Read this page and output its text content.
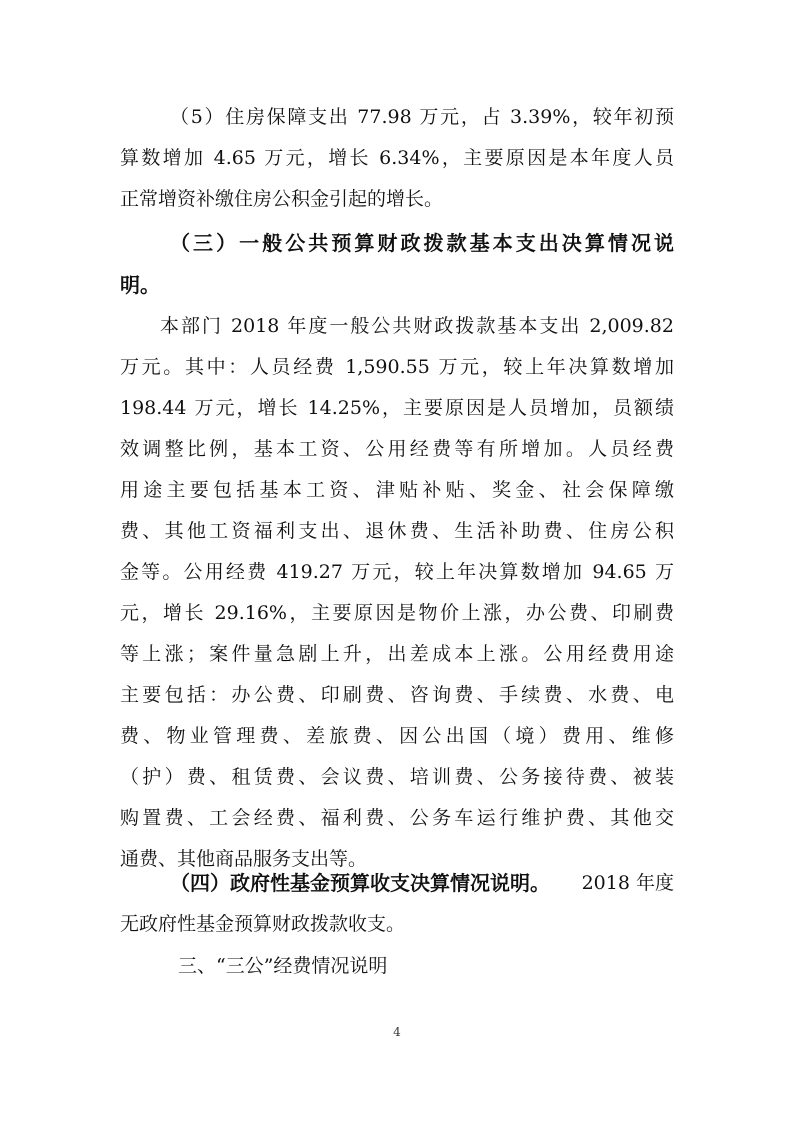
（5）住房保障支出 77.98 万元，占 3.39%，较年初预
算数增加 4.65 万元，增长 6.34%，主要原因是本年度人员
正常增资补缴住房公积金引起的增长。
（三）一般公共预算财政拨款基本支出决算情况说
明。
本部门 2018 年度一般公共财政拨款基本支出 2,009.82
万元。其中：人员经费 1,590.55 万元，较上年决算数增加
198.44 万元，增长 14.25%，主要原因是人员增加，员额绩
效调整比例，基本工资、公用经费等有所增加。人员经费
用途主要包括基本工资、津贴补贴、奖金、社会保障缴
费、其他工资福利支出、退休费、生活补助费、住房公积
金等。公用经费 419.27 万元，较上年决算数增加 94.65 万
元，增长 29.16%，主要原因是物价上涨，办公费、印刷费
等上涨；案件量急剧上升，出差成本上涨。公用经费用途
主要包括：办公费、印刷费、咨询费、手续费、水费、电
费、物业管理费、差旅费、因公出国（境）费用、维修
（护）费、租赁费、会议费、培训费、公务接待费、被装
购置费、工会经费、福利费、公务车运行维护费、其他交
通费、其他商品服务支出等。
（四）政府性基金预算收支决算情况说明。 2018 年度
无政府性基金预算财政拨款收支。
三、“三公”经费情况说明
4
